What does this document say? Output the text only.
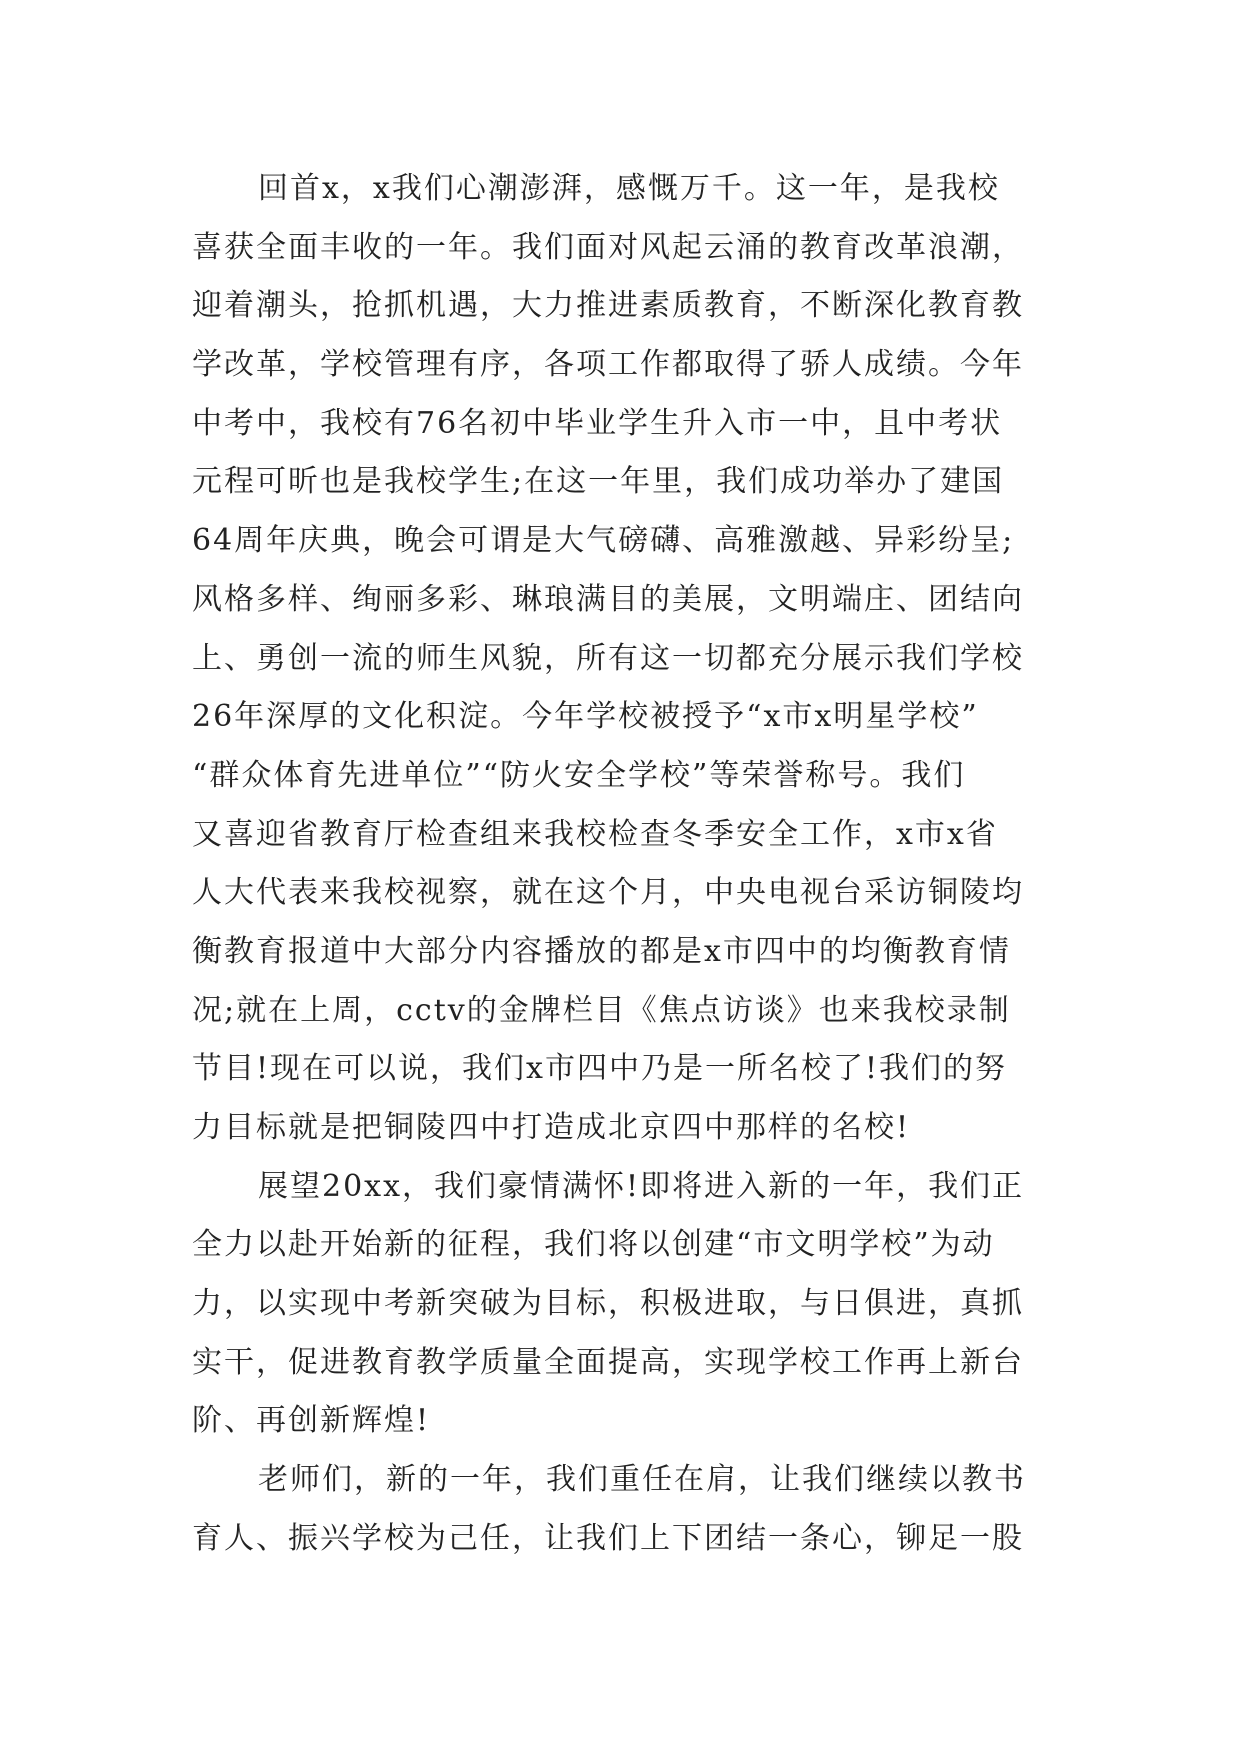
回首x，x我们心潮澎湃，感慨万千。这一年，是我校
喜获全面丰收的一年。我们面对风起云涌的教育改革浪潮，
迎着潮头，抢抓机遇，大力推进素质教育，不断深化教育教
学改革，学校管理有序，各项工作都取得了骄人成绩。今年
中考中，我校有76名初中毕业学生升入市一中，且中考状
元程可昕也是我校学生;在这一年里，我们成功举办了建国
64周年庆典，晚会可谓是大气磅礴、高雅激越、异彩纷呈;
风格多样、绚丽多彩、琳琅满目的美展，文明端庄、团结向
上、勇创一流的师生风貌，所有这一切都充分展示我们学校
26年深厚的文化积淀。今年学校被授予“x市x明星学校”
“群众体育先进单位”“防火安全学校”等荣誉称号。我们
又喜迎省教育厅检查组来我校检查冬季安全工作，x市x省
人大代表来我校视察，就在这个月，中央电视台采访铜陵均
衡教育报道中大部分内容播放的都是x市四中的均衡教育情
况;就在上周，cctv的金牌栏目《焦点访谈》也来我校录制
节目!现在可以说，我们x市四中乃是一所名校了!我们的努
力目标就是把铜陵四中打造成北京四中那样的名校!
展望20xx，我们豪情满怀!即将进入新的一年，我们正
全力以赴开始新的征程，我们将以创建“市文明学校”为动
力，以实现中考新突破为目标，积极进取，与日俱进，真抓
实干，促进教育教学质量全面提高，实现学校工作再上新台
阶、再创新辉煌!
老师们，新的一年，我们重任在肩，让我们继续以教书
育人、振兴学校为己任，让我们上下团结一条心，铆足一股
